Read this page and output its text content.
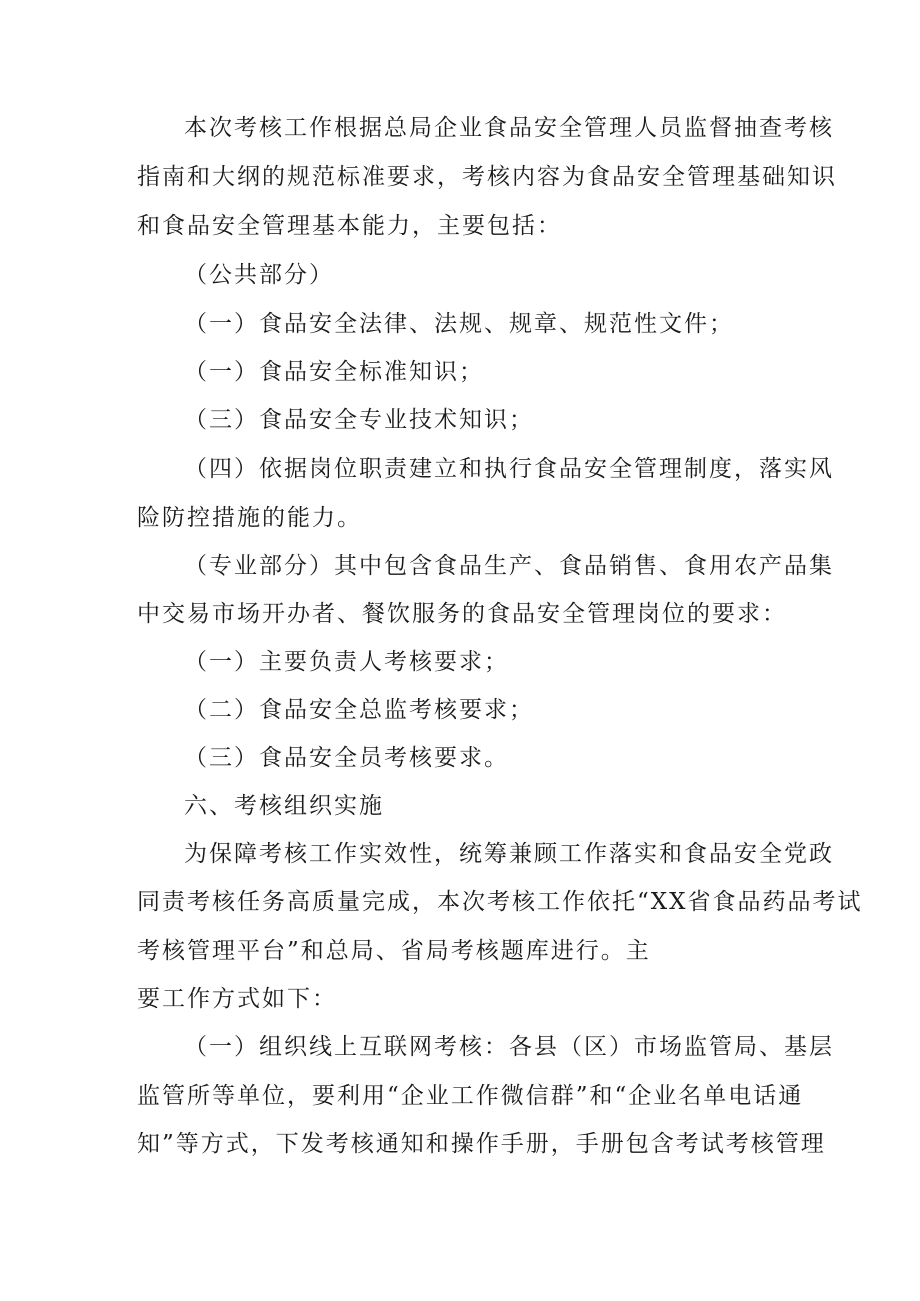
本次考核工作根据总局企业食品安全管理人员监督抽查考核
指南和大纲的规范标准要求，考核内容为食品安全管理基础知识
和食品安全管理基本能力，主要包括：
（公共部分）
（一）食品安全法律、法规、规章、规范性文件；
（一）食品安全标准知识；
（三）食品安全专业技术知识；
（四）依据岗位职责建立和执行食品安全管理制度，落实风
险防控措施的能力。
（专业部分）其中包含食品生产、食品销售、食用农产品集
中交易市场开办者、餐饮服务的食品安全管理岗位的要求：
（一）主要负责人考核要求；
（二）食品安全总监考核要求；
（三）食品安全员考核要求。
六、考核组织实施
为保障考核工作实效性，统筹兼顾工作落实和食品安全党政
同责考核任务高质量完成，本次考核工作依托“XX省食品药品考试
考核管理平台”和总局、省局考核题库进行。主
要工作方式如下：
（一）组织线上互联网考核：各县（区）市场监管局、基层
监管所等单位，要利用“企业工作微信群”和“企业名单电话通
知”等方式，下发考核通知和操作手册，手册包含考试考核管理
